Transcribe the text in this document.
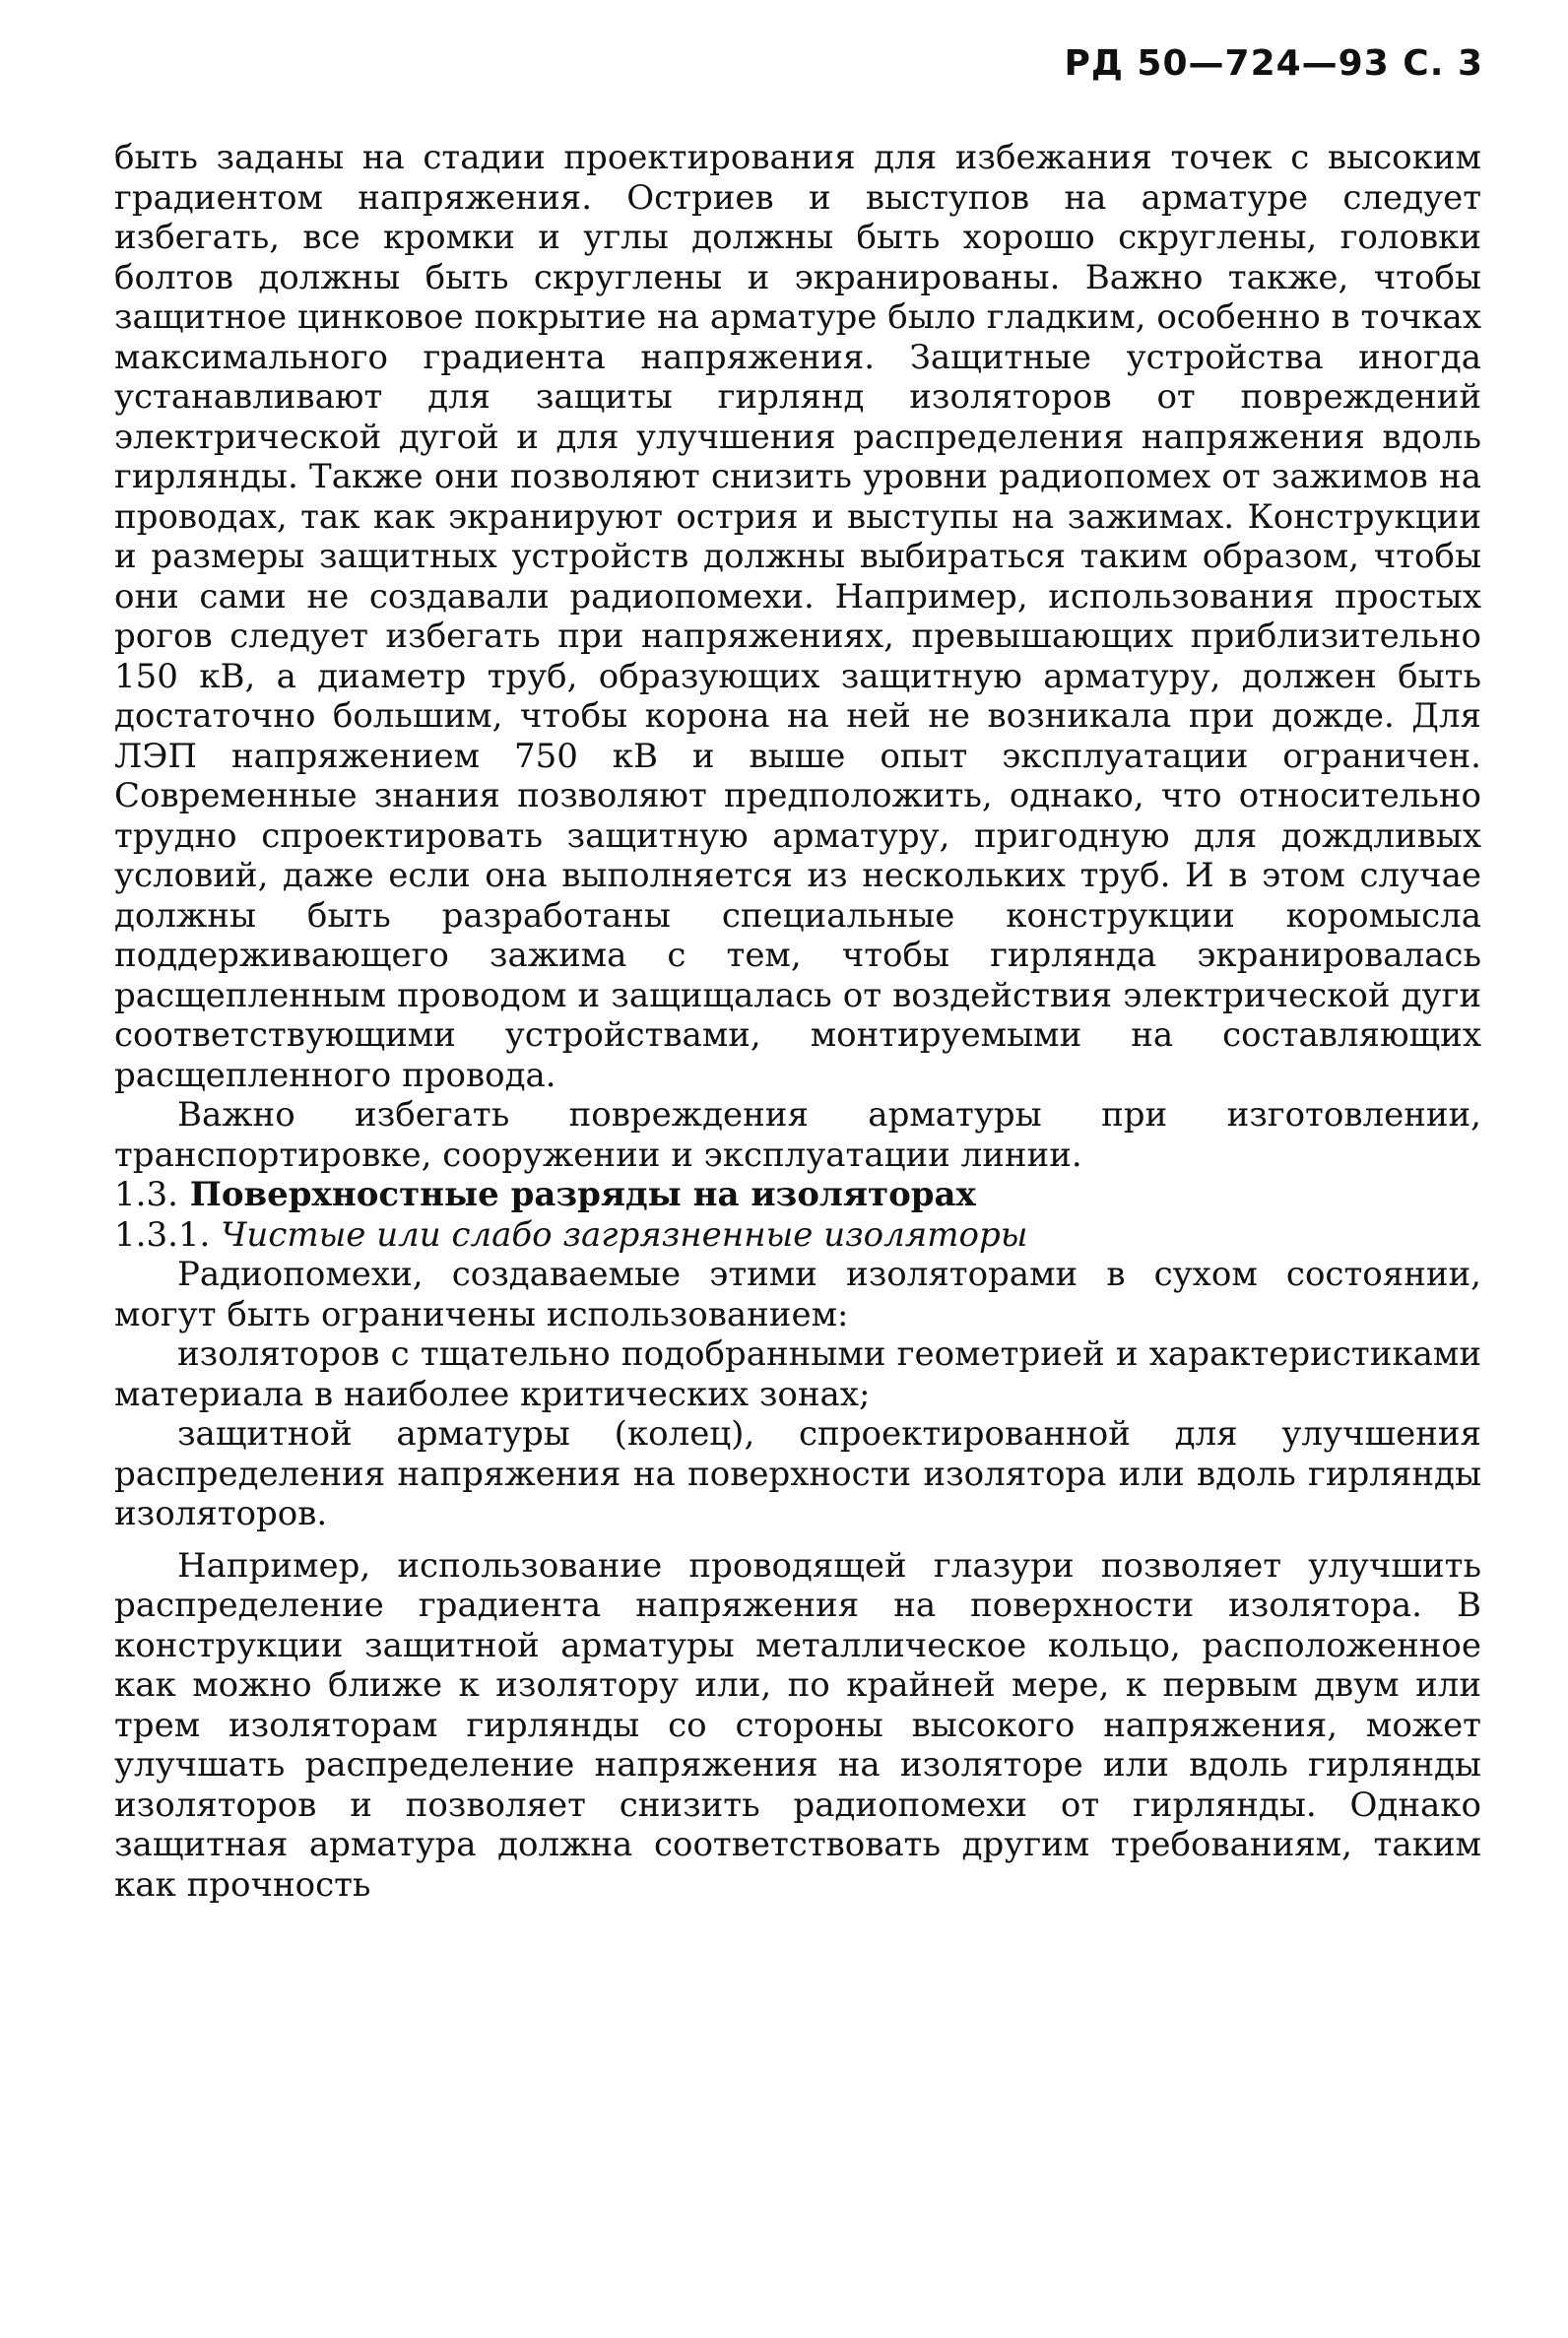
РД 50—724—93 С. 3

быть заданы на стадии проектирования для избежания точек с высоким градиентом напряжения. Остриев и выступов на арматуре следует избегать, все кромки и углы должны быть хорошо скруглены, головки болтов должны быть скруглены и экранированы. Важно также, чтобы защитное цинковое покрытие на арматуре было гладким, особенно в точках максимального градиента напряжения. Защитные устройства иногда устанавливают для защиты гирлянд изоляторов от повреждений электрической дугой и для улучшения распределения напряжения вдоль гирлянды. Также они позволяют снизить уровни радиопомех от зажимов на проводах, так как экранируют острия и выступы на зажимах. Конструкции и размеры защитных устройств должны выбираться таким образом, чтобы они сами не создавали радиопомехи. Например, использования простых рогов следует избегать при напряжениях, превышающих приблизительно 150 кВ, а диаметр труб, образующих защитную арматуру, должен быть достаточно большим, чтобы корона на ней не возникала при дожде. Для ЛЭП напряжением 750 кВ и выше опыт эксплуатации ограничен. Современные знания позволяют предположить, однако, что относительно трудно спроектировать защитную арматуру, пригодную для дождливых условий, даже если она выполняется из нескольких труб. И в этом случае должны быть разработаны специальные конструкции коромысла поддерживающего зажима с тем, чтобы гирлянда экранировалась расщепленным проводом и защищалась от воздействия электрической дуги соответствующими устройствами, монтируемыми на составляющих расщепленного провода.

Важно избегать повреждения арматуры при изготовлении, транспортировке, сооружении и эксплуатации линии.

1.3. Поверхностные разряды на изоляторах

1.3.1. Чистые или слабо загрязненные изоляторы

Радиопомехи, создаваемые этими изоляторами в сухом состоянии, могут быть ограничены использованием:

изоляторов с тщательно подобранными геометрией и характеристиками материала в наиболее критических зонах;

защитной арматуры (колец), спроектированной для улучшения распределения напряжения на поверхности изолятора или вдоль гирлянды изоляторов.

Например, использование проводящей глазури позволяет улучшить распределение градиента напряжения на поверхности изолятора. В конструкции защитной арматуры металлическое кольцо, расположенное как можно ближе к изолятору или, по крайней мере, к первым двум или трем изоляторам гирлянды со стороны высокого напряжения, может улучшать распределение напряжения на изоляторе или вдоль гирлянды изоляторов и позволяет снизить радиопомехи от гирлянды. Однако защитная арматура должна соответствовать другим требованиям, таким как прочность
